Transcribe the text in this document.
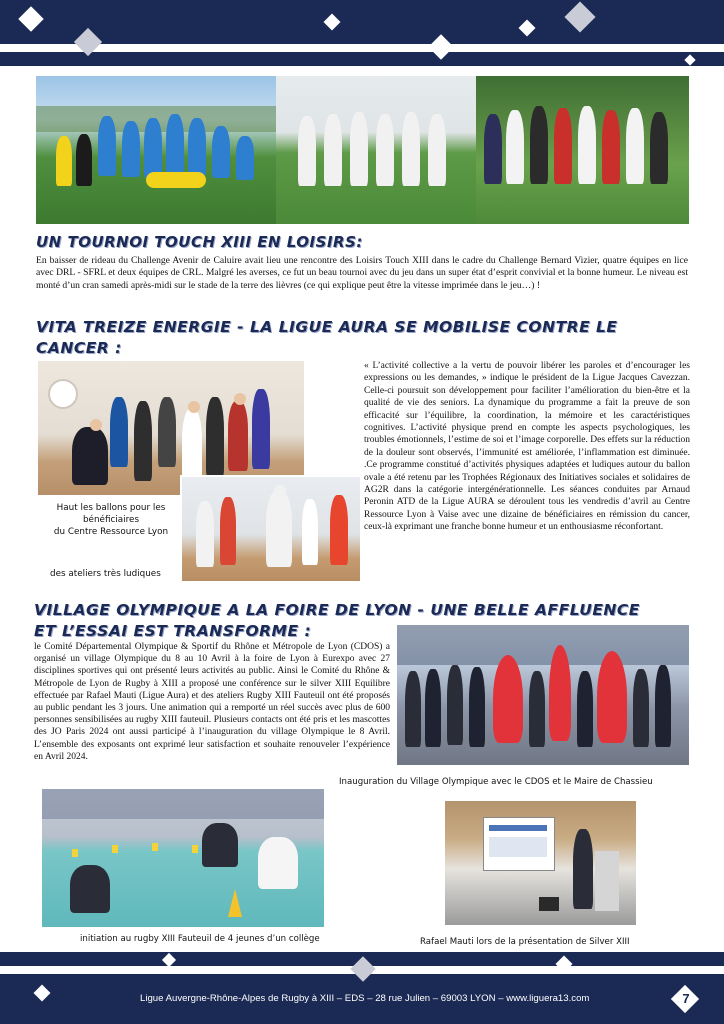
UN TOURNOI TOUCH XIII EN LOISIRS:

En baisser de rideau du Challenge Avenir de Caluire avait lieu une rencontre des Loisirs Touch XIII dans le cadre du Challenge Bernard Vizier, quatre équipes en lice avec DRL - SFRL et deux équipes de CRL. Malgré les averses, ce fut un beau tournoi avec du jeu dans un super état d’esprit convivial et la bonne humeur. Le niveau est monté d’un cran samedi après-midi sur le stade de la terre des lièvres (ce qui explique peut être la vitesse imprimée dans le jeu…) !

VITA TREIZE ENERGIE - LA LIGUE AURA SE MOBILISE CONTRE LE
CANCER :
Haut les ballons pour les
bénéficiaires
du Centre Ressource Lyon
des ateliers très ludiques

« L’activité collective a la vertu de pouvoir libérer les paroles et d’encourager les expressions ou les demandes, » indique le président de la Ligue Jacques Cavezzan. Celle-ci poursuit son développement pour faciliter l’amélioration du bien-être et la qualité de vie des seniors. La dynamique du programme a fait la preuve de son efficacité sur l’équilibre, la coordination, la mémoire et les caractéristiques cognitives. L’activité physique prend en compte les aspects psychologiques, les troubles émotionnels, l’estime de soi et l’image corporelle. Des effets sur la réduction de la douleur sont observés, l’immunité est améliorée, l’inflammation est diminuée. .Ce programme constitué d’activités physiques adaptées et ludiques autour du ballon ovale a été retenu par les Trophées Régionaux des Initiatives sociales et solidaires de AG2R dans la catégorie intergénérationnelle. Les séances conduites par Arnaud Peronin ATD de la Ligue AURA se déroulent tous les vendredis d’avril au Centre Ressource Lyon à Vaise avec une dizaine de bénéficiaires en rémission du cancer, ceux-là exprimant une franche bonne humeur et un enthousiasme réconfortant.

VILLAGE OLYMPIQUE A LA FOIRE DE LYON - UNE BELLE AFFLUENCE
ET L’ESSAI EST TRANSFORME :

le Comité Départemental Olympique & Sportif du Rhône et Métropole de Lyon (CDOS) a organisé un village Olympique du 8 au 10 Avril à la foire de Lyon à Eurexpo avec 27 disciplines sportives qui ont présenté leurs activités au public. Ainsi le Comité du Rhône & Métropole de Lyon de Rugby à XIII a proposé une conférence sur le silver XIII Equilibre effectuée par Rafael Mauti (Ligue Aura) et des ateliers Rugby XIII Fauteuil ont été proposés au public pendant les 3 jours. Une animation qui a remporté un réel succès avec plus de 600 personnes sensibilisées au rugby XIII fauteuil. Plusieurs contacts ont été pris et les mascottes des JO Paris 2024 ont aussi participé à l’inauguration du village Olympique le 8 Avril. L’ensemble des exposants ont exprimé leur satisfaction et souhaite renouveler l’expérience en Avril 2024.

Inauguration du Village Olympique avec le CDOS et le Maire de Chassieu
initiation au rugby XIII Fauteuil de 4 jeunes d’un collège	Rafael Mauti lors de la présentation de Silver XIII
Ligue Auvergne-Rhône-Alpes de Rugby à XIII – EDS – 28 rue Julien – 69003 LYON – www.liguera13.com	7
